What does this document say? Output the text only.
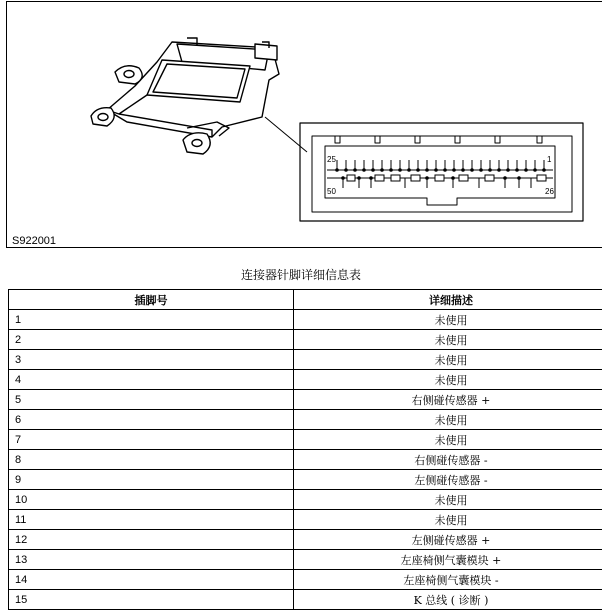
25	1
50	26
S922001
连接器针脚详细信息表
插脚号	详细描述
1	未使用
2	未使用
3	未使用
4	未使用
5	右侧碰传感器 +
6	未使用
7	未使用
8	右侧碰传感器 -
9	左侧碰传感器 -
10	未使用
11	未使用
12	左侧碰传感器 +
13	左座椅侧气囊模块 +
14	左座椅侧气囊模块 -
15	K 总线 ( 诊断 )
